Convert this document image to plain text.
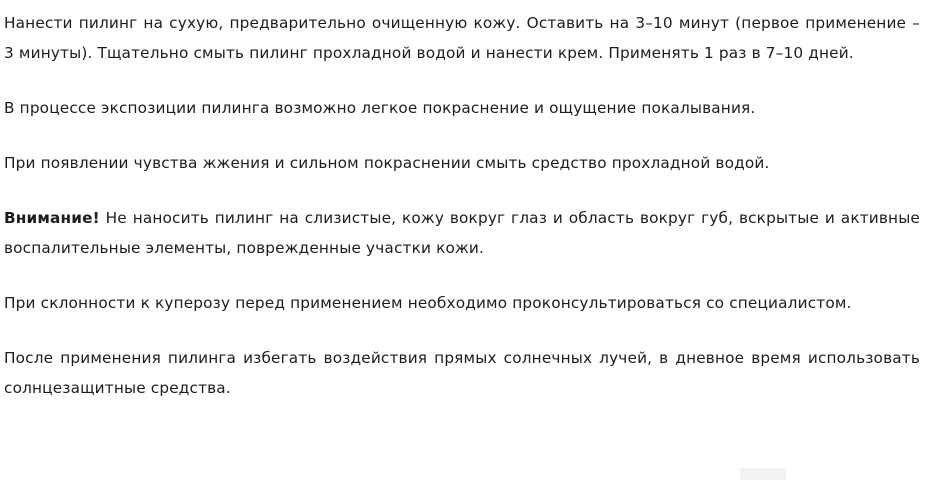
Нанести пилинг на сухую, предварительно очищенную кожу. Оставить на 3–10 минут (первое применение – 3 минуты). Тщательно смыть пилинг прохладной водой и нанести крем. Применять 1 раз в 7–10 дней.

В процессе экспозиции пилинга возможно легкое покраснение и ощущение покалывания.

При появлении чувства жжения и сильном покраснении смыть средство прохладной водой.

Внимание! Не наносить пилинг на слизистые, кожу вокруг глаз и область вокруг губ, вскрытые и активные воспалительные элементы, поврежденные участки кожи.

При склонности к куперозу перед применением необходимо проконсультироваться со специалистом.

После применения пилинга избегать воздействия прямых солнечных лучей, в дневное время использовать солнцезащитные средства.
